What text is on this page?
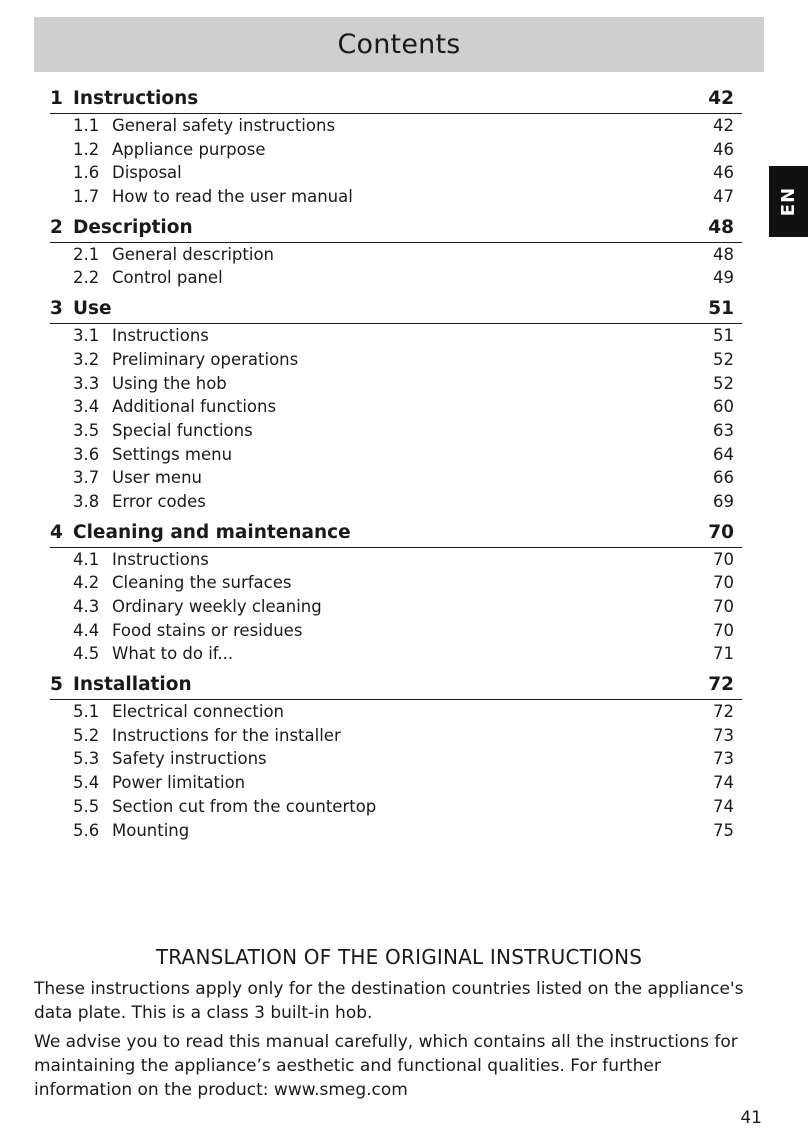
Contents
EN
1 Instructions	42
1.1 General safety instructions	42
1.2 Appliance purpose	46
1.6 Disposal	46
1.7 How to read the user manual	47
2 Description	48
2.1 General description	48
2.2 Control panel	49
3 Use	51
3.1 Instructions	51
3.2 Preliminary operations	52
3.3 Using the hob	52
3.4 Additional functions	60
3.5 Special functions	63
3.6 Settings menu	64
3.7 User menu	66
3.8 Error codes	69
4 Cleaning and maintenance	70
4.1 Instructions	70
4.2 Cleaning the surfaces	70
4.3 Ordinary weekly cleaning	70
4.4 Food stains or residues	70
4.5 What to do if...	71
5 Installation	72
5.1 Electrical connection	72
5.2 Instructions for the installer	73
5.3 Safety instructions	73
5.4 Power limitation	74
5.5 Section cut from the countertop	74
5.6 Mounting	75
TRANSLATION OF THE ORIGINAL INSTRUCTIONS

These instructions apply only for the destination countries listed on the appliance's data plate. This is a class 3 built-in hob.

We advise you to read this manual carefully, which contains all the instructions for maintaining the appliance’s aesthetic and functional qualities. For further information on the product: www.smeg.com

41
